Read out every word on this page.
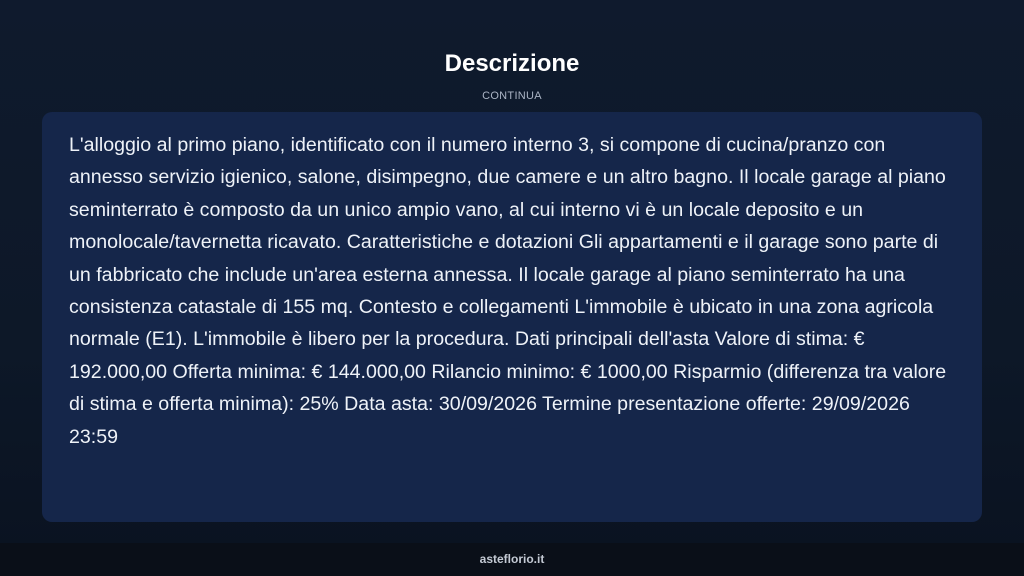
Descrizione
CONTINUA

L'alloggio al primo piano, identificato con il numero interno 3, si compone di cucina/pranzo con annesso servizio igienico, salone, disimpegno, due camere e un altro bagno. Il locale garage al piano seminterrato è composto da un unico ampio vano, al cui interno vi è un locale deposito e un monolocale/tavernetta ricavato. Caratteristiche e dotazioni Gli appartamenti e il garage sono parte di un fabbricato che include un'area esterna annessa. Il locale garage al piano seminterrato ha una consistenza catastale di 155 mq. Contesto e collegamenti L'immobile è ubicato in una zona agricola normale (E1). L'immobile è libero per la procedura. Dati principali dell'asta Valore di stima: € 192.000,00 Offerta minima: € 144.000,00 Rilancio minimo: € 1000,00 Risparmio (differenza tra valore di stima e offerta minima): 25% Data asta: 30/09/2026 Termine presentazione offerte: 29/09/2026 23:59

asteflorio.it
